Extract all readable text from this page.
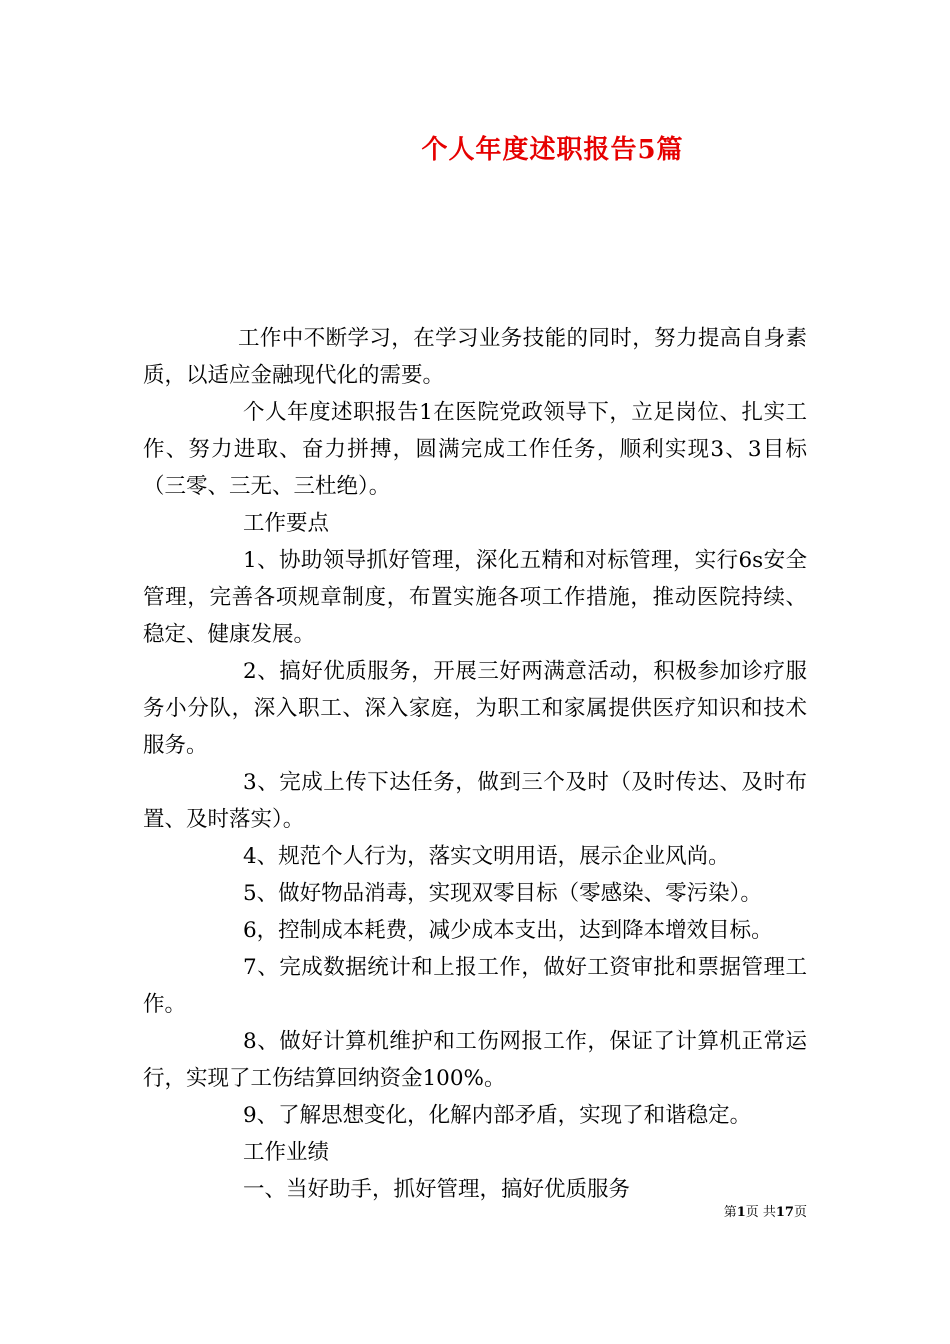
个人年度述职报告5篇

工作中不断学习，在学习业务技能的同时，努力提高自身素质，以适应金融现代化的需要。

个人年度述职报告1在医院党政领导下，立足岗位、扎实工作、努力进取、奋力拼搏，圆满完成工作任务，顺利实现3、3目标（三零、三无、三杜绝）。

工作要点

1、协助领导抓好管理，深化五精和对标管理，实行6s安全管理，完善各项规章制度，布置实施各项工作措施，推动医院持续、稳定、健康发展。

2、搞好优质服务，开展三好两满意活动，积极参加诊疗服务小分队，深入职工、深入家庭，为职工和家属提供医疗知识和技术服务。

3、完成上传下达任务，做到三个及时（及时传达、及时布置、及时落实）。

4、规范个人行为，落实文明用语，展示企业风尚。

5、做好物品消毒，实现双零目标（零感染、零污染）。

6，控制成本耗费，减少成本支出，达到降本增效目标。

7、完成数据统计和上报工作，做好工资审批和票据管理工作。

8、做好计算机维护和工伤网报工作，保证了计算机正常运行，实现了工伤结算回纳资金100%。

9、了解思想变化，化解内部矛盾，实现了和谐稳定。

工作业绩

一、当好助手，抓好管理，搞好优质服务

第1页 共17页
